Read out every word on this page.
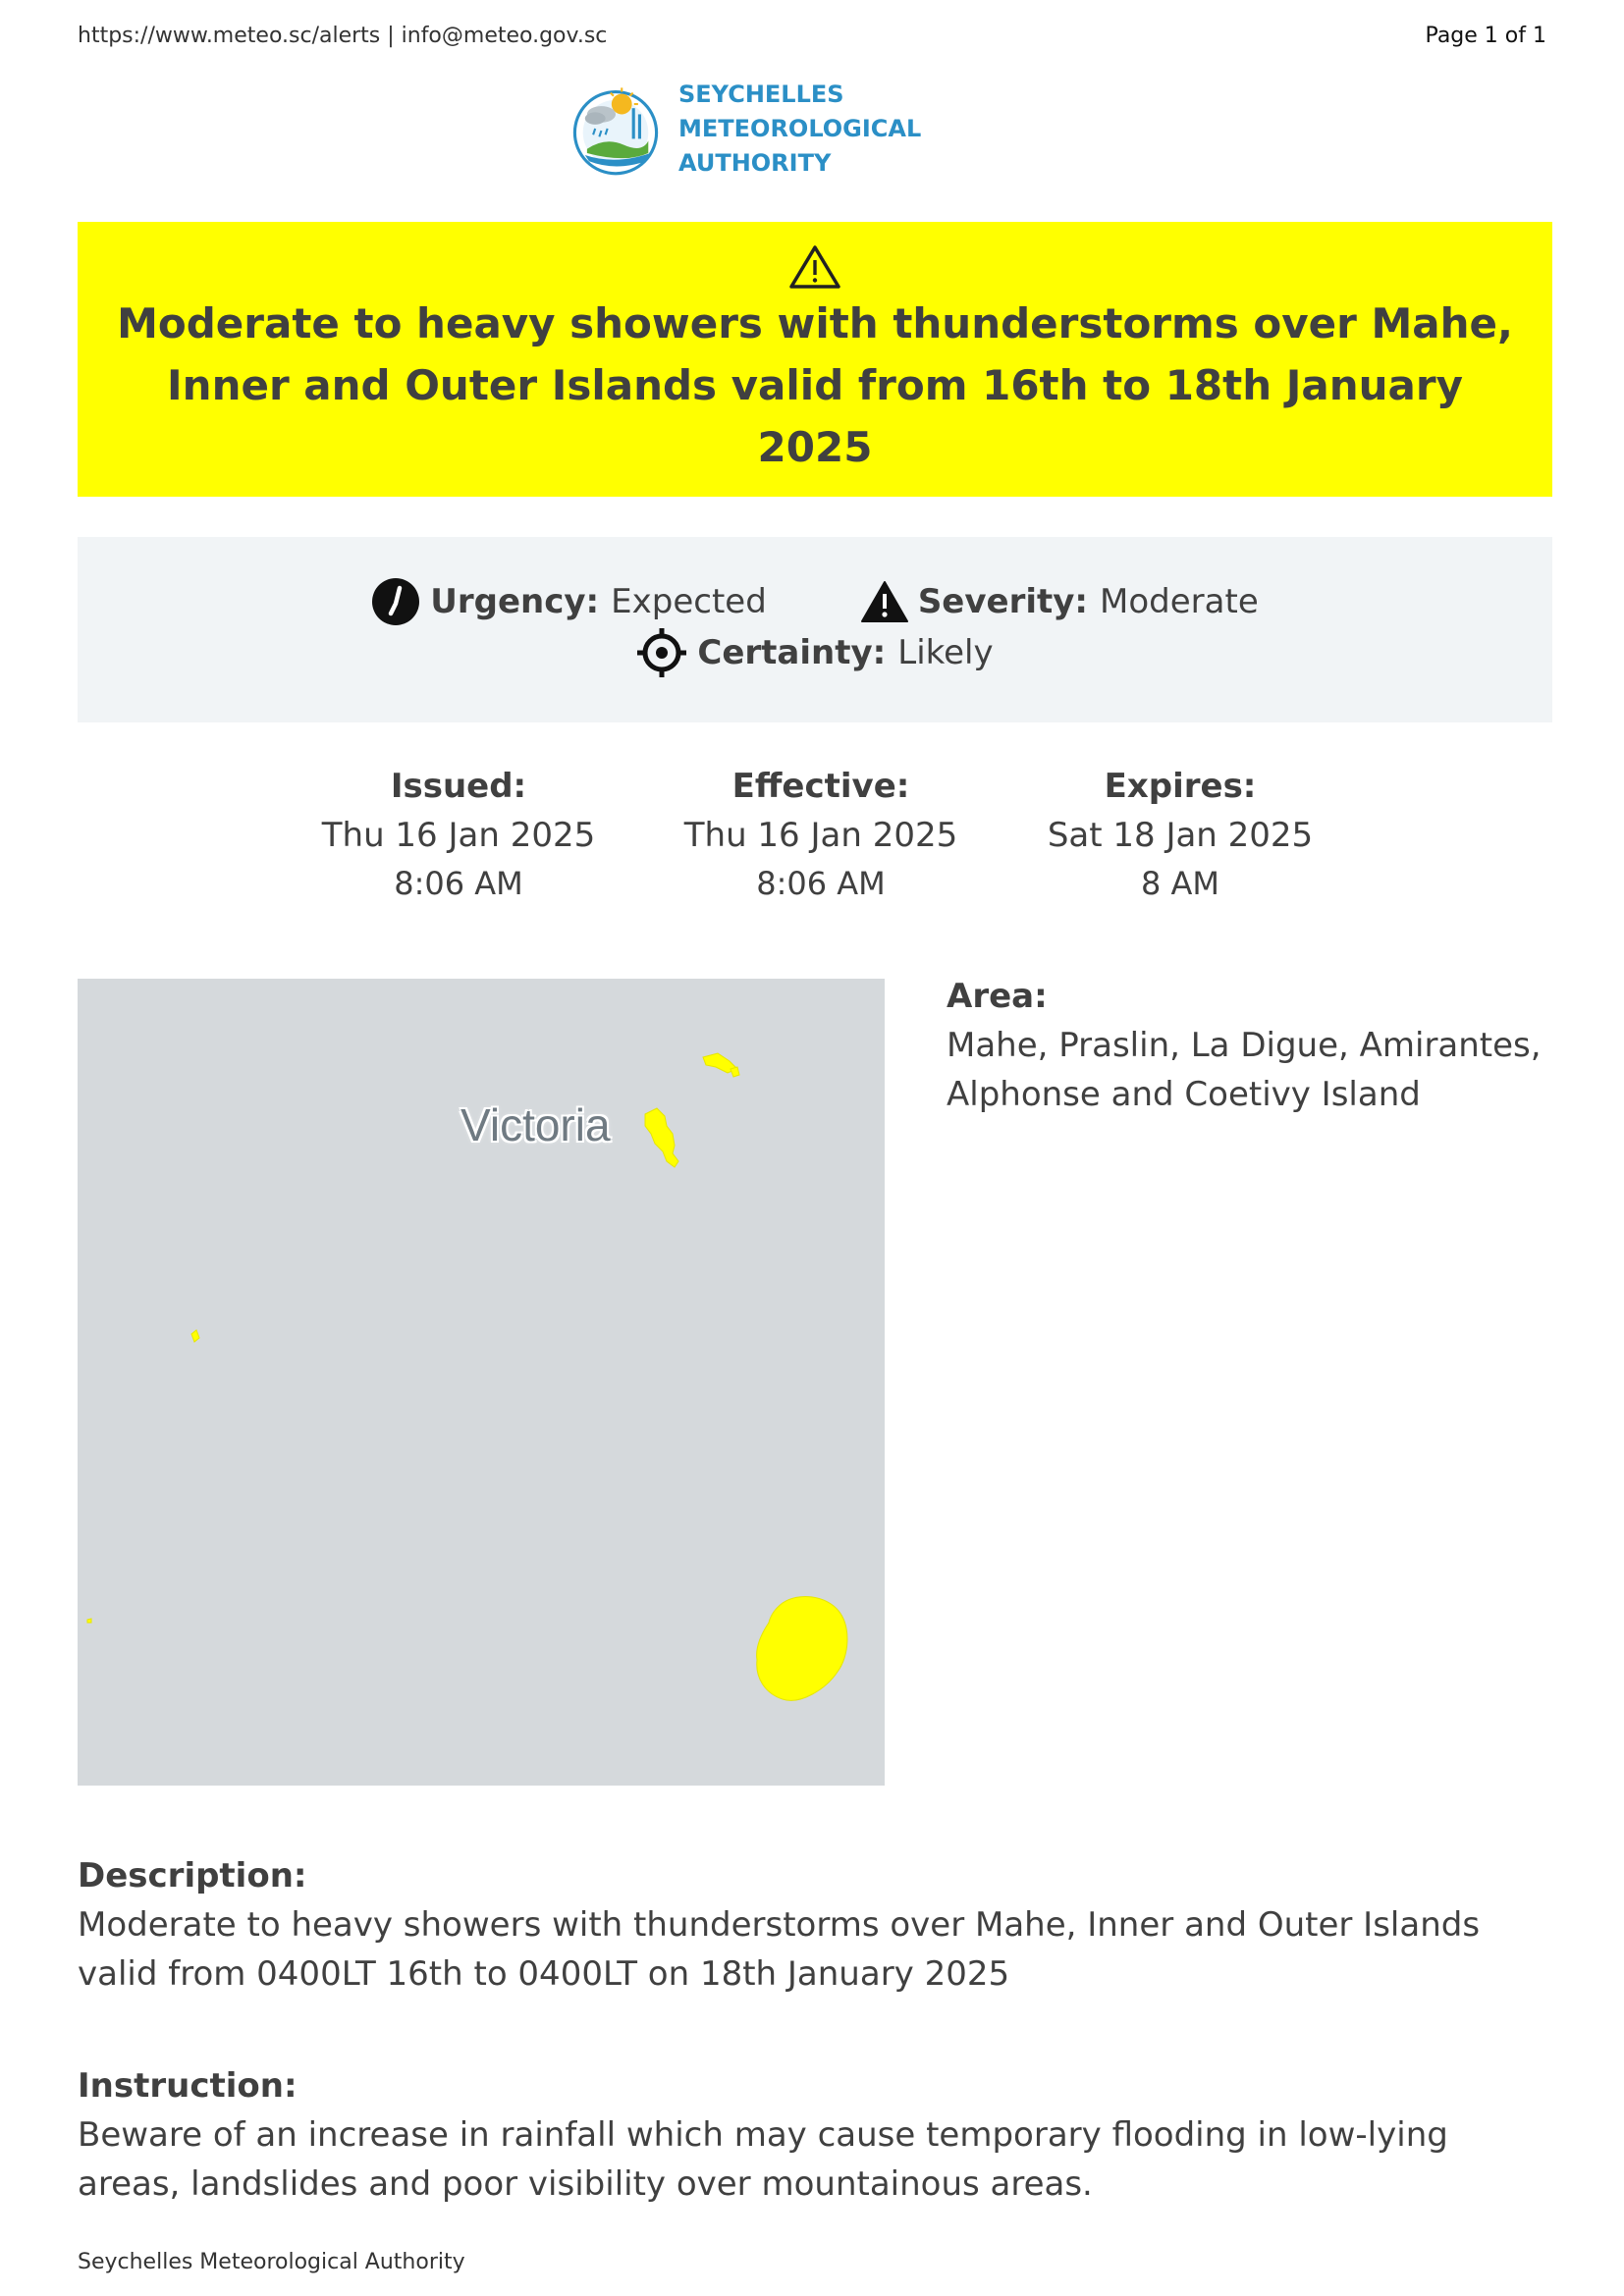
https://www.meteo.sc/alerts | info@meteo.gov.sc	Page 1 of 1
SEYCHELLES METEOROLOGICAL
AUTHORITY
Moderate to heavy showers with thunderstorms over Mahe, Inner and Outer Islands valid from 16th to 18th January 2025
Urgency: Expected	Severity: Moderate
Certainty: Likely
Issued:
Thu 16 Jan 2025
8:06 AM
Effective:
Thu 16 Jan 2025
8:06 AM
Expires:
Sat 18 Jan 2025
8 AM
Victoria
Area:
Mahe, Praslin, La Digue, Amirantes, Alphonse and Coetivy Island
Description:
Moderate to heavy showers with thunderstorms over Mahe, Inner and Outer Islands valid from 0400LT 16th to 0400LT on 18th January 2025
Instruction:
Beware of an increase in rainfall which may cause temporary flooding in low-lying areas, landslides and poor visibility over mountainous areas.
Seychelles Meteorological Authority
